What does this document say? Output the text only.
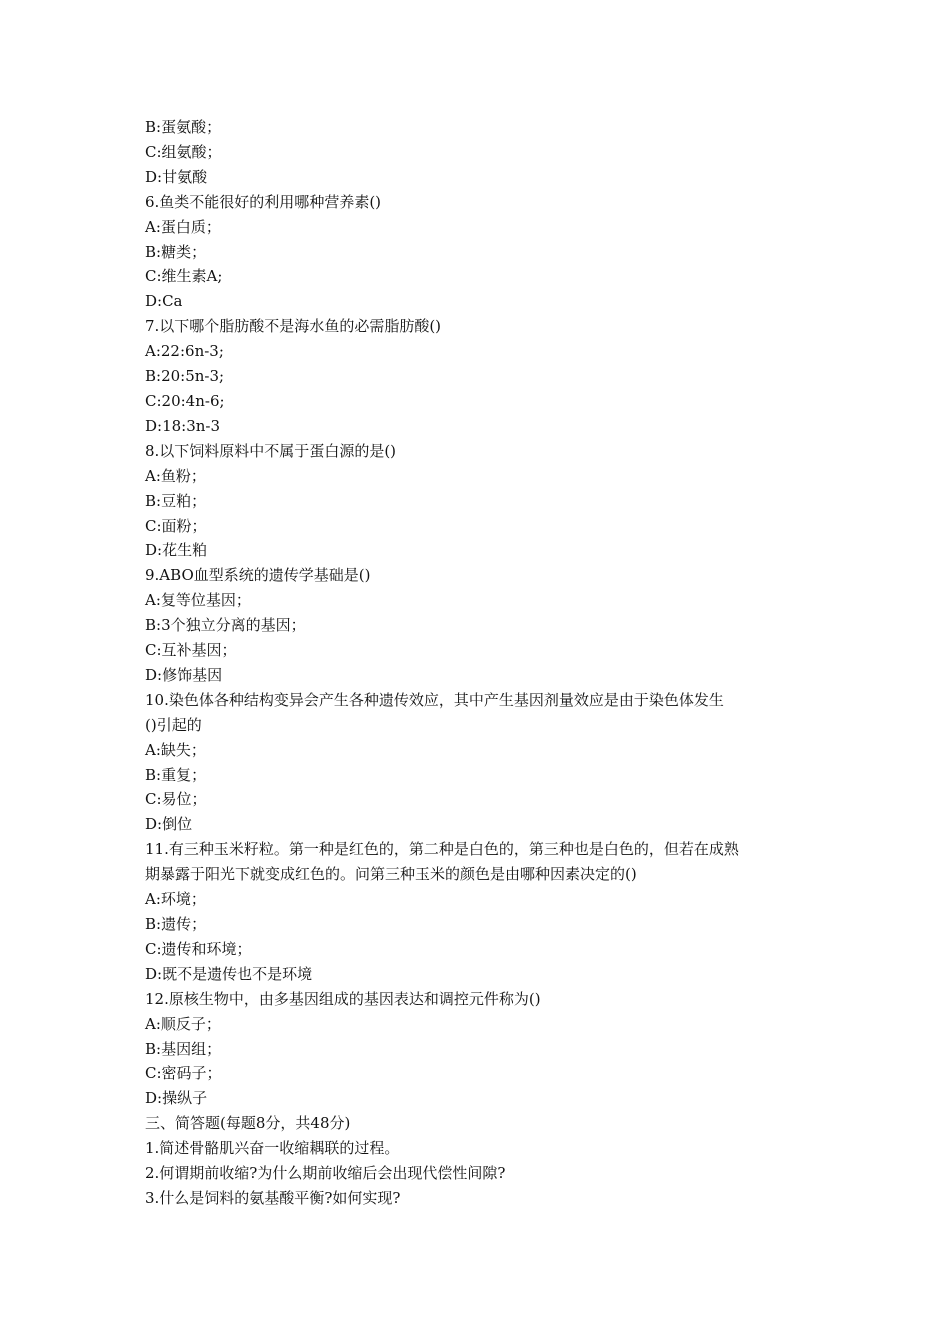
B:蛋氨酸；

C:组氨酸；

D:甘氨酸

6.鱼类不能很好的利用哪种营养素()

A:蛋白质；

B:糖类；

C:维生素A;

D:Ca

7.以下哪个脂肪酸不是海水鱼的必需脂肪酸()

A:22:6n-3;

B:20:5n-3;

C:20:4n-6;

D:18:3n-3

8.以下饲料原料中不属于蛋白源的是()

A:鱼粉；

B:豆粕；

C:面粉；

D:花生粕

9.ABO血型系统的遗传学基础是()

A:复等位基因；

B:3个独立分离的基因；

C:互补基因；

D:修饰基因

10.染色体各种结构变异会产生各种遗传效应，其中产生基因剂量效应是由于染色体发生

()引起的

A:缺失；

B:重复；

C:易位；

D:倒位

11.有三种玉米籽粒。第一种是红色的，第二种是白色的，第三种也是白色的，但若在成熟

期暴露于阳光下就变成红色的。问第三种玉米的颜色是由哪种因素决定的()

A:环境；

B:遗传；

C:遗传和环境；

D:既不是遗传也不是环境

12.原核生物中，由多基因组成的基因表达和调控元件称为()

A:顺反子；

B:基因组；

C:密码子；

D:操纵子

三、简答题(每题8分，共48分)

1.简述骨骼肌兴奋一收缩耦联的过程。

2.何谓期前收缩?为什么期前收缩后会出现代偿性间隙?

3.什么是饲料的氨基酸平衡?如何实现?
